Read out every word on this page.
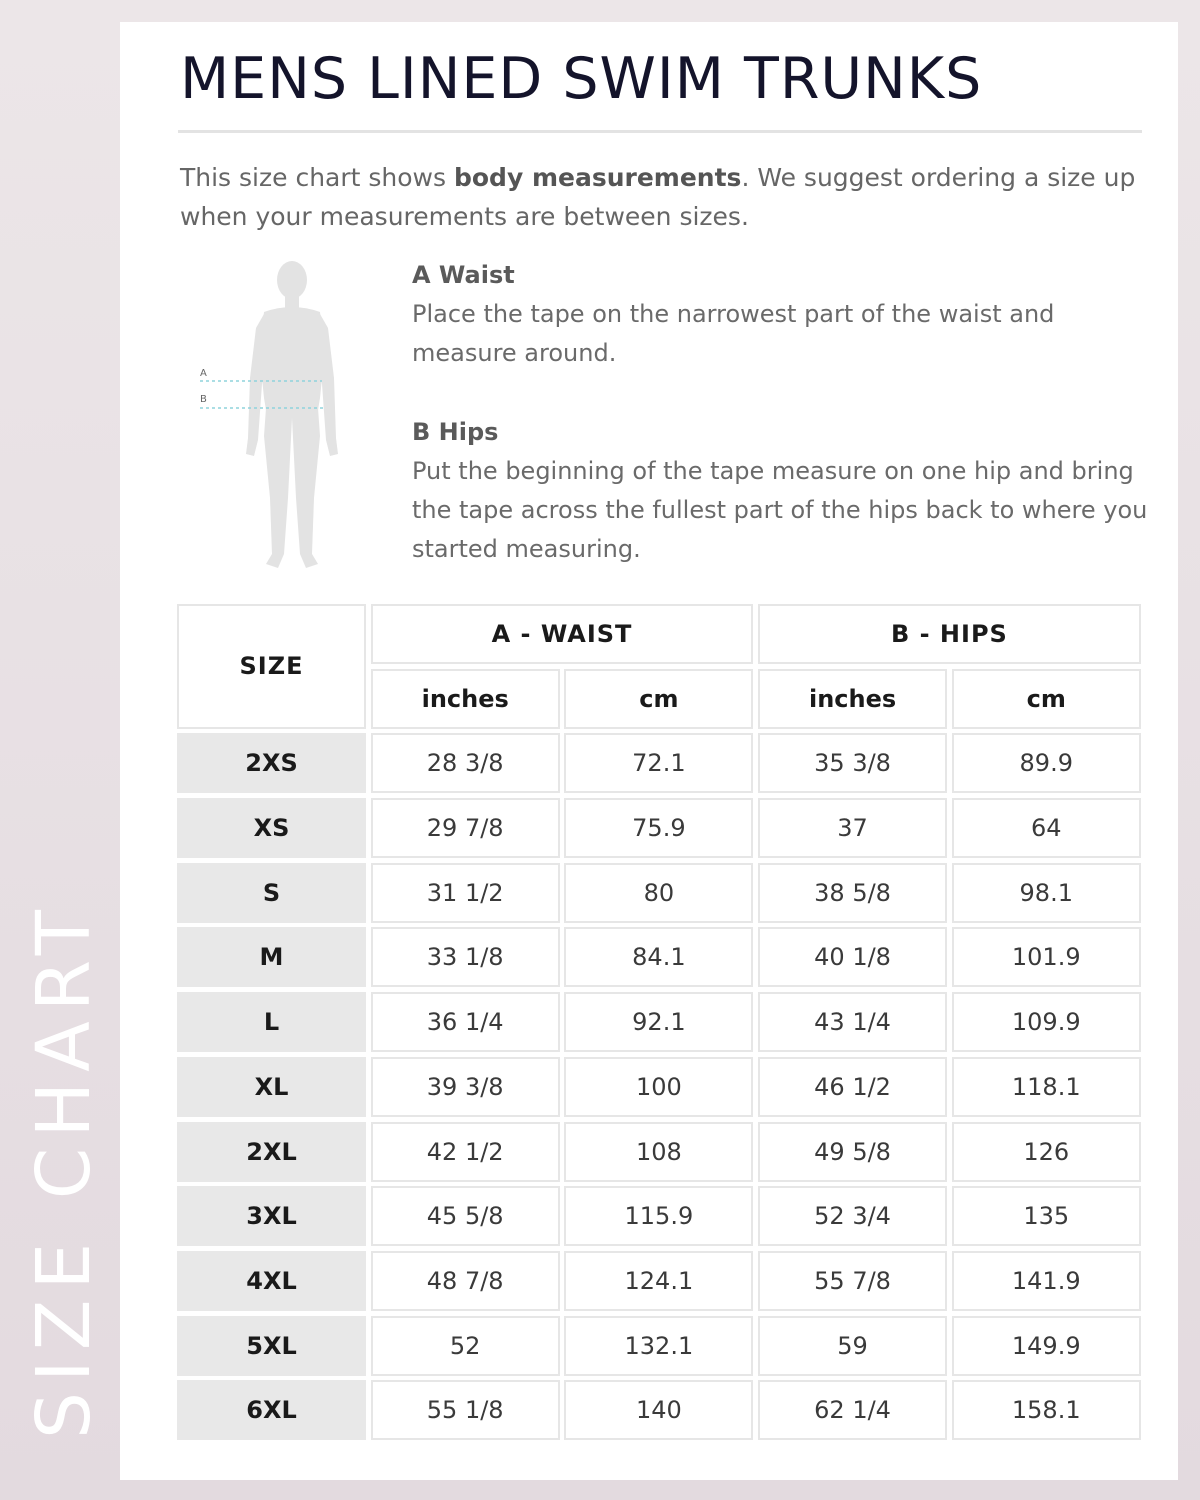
SIZE CHART
MENS LINED SWIM TRUNKS

This size chart shows body measurements. We suggest ordering a size up when your measurements are between sizes.

A
B
A Waist
Place the tape on the narrowest part of the waist and measure around.
B Hips
Put the beginning of the tape measure on one hip and bring the tape across the fullest part of the hips back to where you started measuring.
SIZE
A - WAIST	B - HIPS
inches	cm	inches	cm
2XS	28 3/8	72.1	35 3/8	89.9
XS	29 7/8	75.9	37	64
S	31 1/2	80	38 5/8	98.1
M	33 1/8	84.1	40 1/8	101.9
L	36 1/4	92.1	43 1/4	109.9
XL	39 3/8	100	46 1/2	118.1
2XL	42 1/2	108	49 5/8	126
3XL	45 5/8	115.9	52 3/4	135
4XL	48 7/8	124.1	55 7/8	141.9
5XL	52	132.1	59	149.9
6XL	55 1/8	140	62 1/4	158.1
